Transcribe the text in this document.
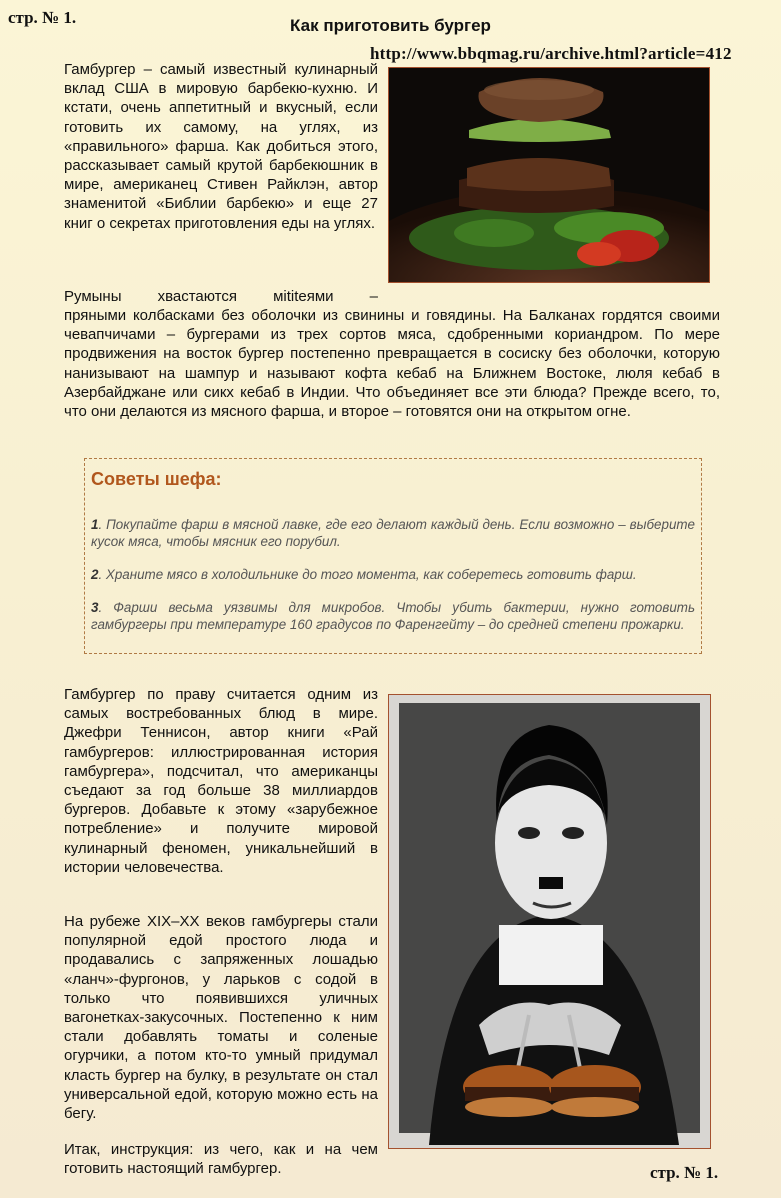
стр. № 1.	Как приготовить бургер
http://www.bbqmag.ru/archive.html?article=412

Гамбургер – самый известный кулинарный вклад США в мировую барбекю-кухню. И кстати, очень аппетитный и вкусный, если готовить их самому, на углях, из «правильного» фарша. Как добиться этого, рассказывает самый крутой барбекюшник в мире, американец Стивен Райклэн, автор знаменитой «Библии барбекю» и еще 27 книг о секретах приготовления еды на углях.

Румыны хвастаются мititеями –

пряными колбасками без оболочки из свинины и говядины. На Балканах гордятся своими чевапчичами – бургерами из трех сортов мяса, сдобренными кориандром. По мере продвижения на восток бургер постепенно превращается в сосиску без оболочки, которую нанизывают на шампур и называют кофта кебаб на Ближнем Востоке, люля кебаб в Азербайджане или сикх кебаб в Индии. Что объединяет все эти блюда? Прежде всего, то, что они делаются из мясного фарша, и второе – готовятся они на открытом огне.

Советы шефа:

1. Покупайте фарш в мясной лавке, где его делают каждый день. Если возможно – выберите кусок мяса, чтобы мясник его порубил.

2. Храните мясо в холодильнике до того момента, как соберетесь готовить фарш.

3. Фарши весьма уязвимы для микробов. Чтобы убить бактерии, нужно готовить гамбургеры при температуре 160 градусов по Фаренгейту – до средней степени прожарки.

Гамбургер по праву считается одним из самых востребованных блюд в мире. Джефри Теннисон, автор книги «Рай гамбургеров: иллюстрированная история гамбургера», подсчитал, что американцы съедают за год больше 38 миллиардов бургеров. Добавьте к этому «зарубежное потребление» и получите мировой кулинарный феномен, уникальнейший в истории человечества.

На рубеже XIX–XX веков гамбургеры стали популярной едой простого люда и продавались с запряженных лошадью «ланч»-фургонов, у ларьков с содой в только что появившихся уличных вагонетках-закусочных. Постепенно к ним стали добавлять томаты и соленые огурчики, а потом кто-то умный придумал класть бургер на булку, в результате он стал универсальной едой, которую можно есть на бегу.

Итак, инструкция: из чего, как и на чем готовить настоящий гамбургер.	стр. № 1.
